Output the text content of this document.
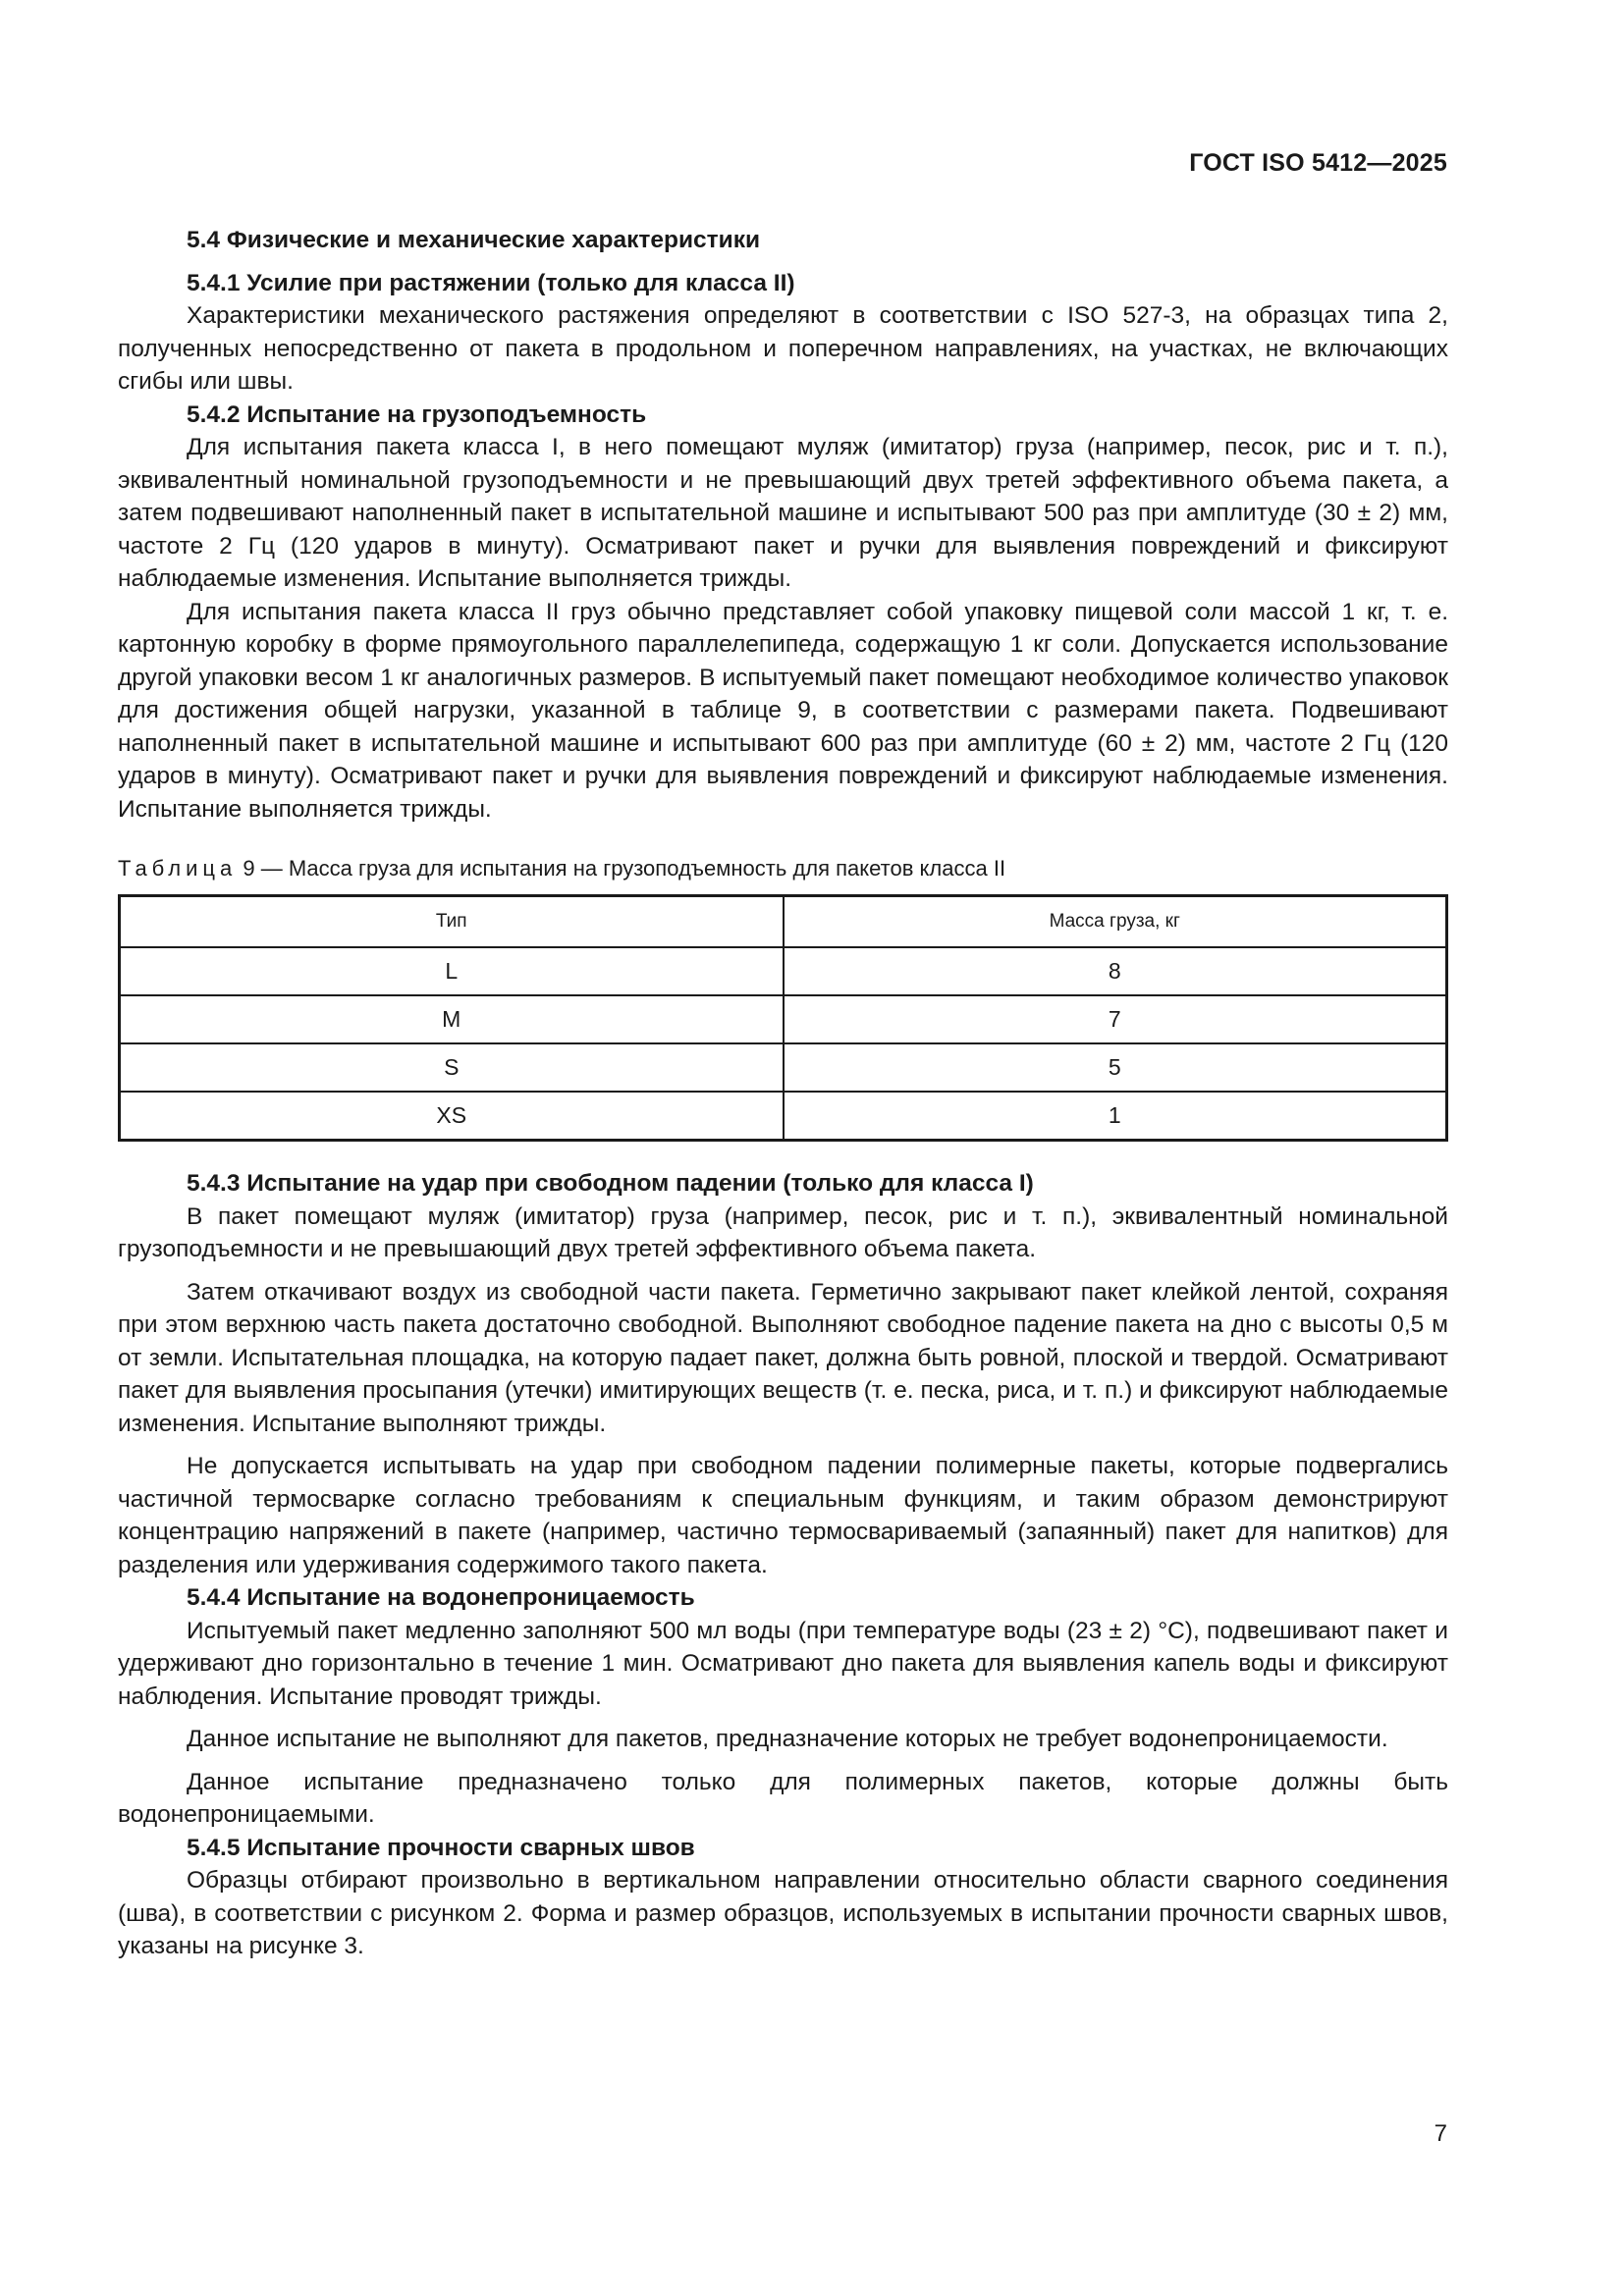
ГОСТ ISO 5412—2025

5.4 Физические и механические характеристики

5.4.1 Усилие при растяжении (только для класса II)

Характеристики механического растяжения определяют в соответствии с ISO 527-3, на образцах типа 2, полученных непосредственно от пакета в продольном и поперечном направлениях, на участках, не включающих сгибы или швы.

5.4.2 Испытание на грузоподъемность

Для испытания пакета класса I, в него помещают муляж (имитатор) груза (например, песок, рис и т. п.), эквивалентный номинальной грузоподъемности и не превышающий двух третей эффективного объема пакета, а затем подвешивают наполненный пакет в испытательной машине и испытывают 500 раз при амплитуде (30 ± 2) мм, частоте 2 Гц (120 ударов в минуту). Осматривают пакет и ручки для выявления повреждений и фиксируют наблюдаемые изменения. Испытание выполняется трижды.

Для испытания пакета класса II груз обычно представляет собой упаковку пищевой соли массой 1 кг, т. е. картонную коробку в форме прямоугольного параллелепипеда, содержащую 1 кг соли. Допускается использование другой упаковки весом 1 кг аналогичных размеров. В испытуемый пакет помещают необходимое количество упаковок для достижения общей нагрузки, указанной в таблице 9, в соответствии с размерами пакета. Подвешивают наполненный пакет в испытательной машине и испытывают 600 раз при амплитуде (60 ± 2) мм, частоте 2 Гц (120 ударов в минуту). Осматривают пакет и ручки для выявления повреждений и фиксируют наблюдаемые изменения. Испытание выполняется трижды.

Таблица 9 — Масса груза для испытания на грузоподъемность для пакетов класса II
Тип	Масса груза, кг
L	8
M	7
S	5
XS	1

5.4.3 Испытание на удар при свободном падении (только для класса I)

В пакет помещают муляж (имитатор) груза (например, песок, рис и т. п.), эквивалентный номинальной грузоподъемности и не превышающий двух третей эффективного объема пакета.

Затем откачивают воздух из свободной части пакета. Герметично закрывают пакет клейкой лентой, сохраняя при этом верхнюю часть пакета достаточно свободной. Выполняют свободное падение пакета на дно с высоты 0,5 м от земли. Испытательная площадка, на которую падает пакет, должна быть ровной, плоской и твердой. Осматривают пакет для выявления просыпания (утечки) имитирующих веществ (т. е. песка, риса, и т. п.) и фиксируют наблюдаемые изменения. Испытание выполняют трижды.

Не допускается испытывать на удар при свободном падении полимерные пакеты, которые подвергались частичной термосварке согласно требованиям к специальным функциям, и таким образом демонстрируют концентрацию напряжений в пакете (например, частично термосвариваемый (запаянный) пакет для напитков) для разделения или удерживания содержимого такого пакета.

5.4.4 Испытание на водонепроницаемость

Испытуемый пакет медленно заполняют 500 мл воды (при температуре воды (23 ± 2) °С), подвешивают пакет и удерживают дно горизонтально в течение 1 мин. Осматривают дно пакета для выявления капель воды и фиксируют наблюдения. Испытание проводят трижды.

Данное испытание не выполняют для пакетов, предназначение которых не требует водонепроницаемости.

Данное испытание предназначено только для полимерных пакетов, которые должны быть водонепроницаемыми.

5.4.5 Испытание прочности сварных швов

Образцы отбирают произвольно в вертикальном направлении относительно области сварного соединения (шва), в соответствии с рисунком 2. Форма и размер образцов, используемых в испытании прочности сварных швов, указаны на рисунке 3.

7
